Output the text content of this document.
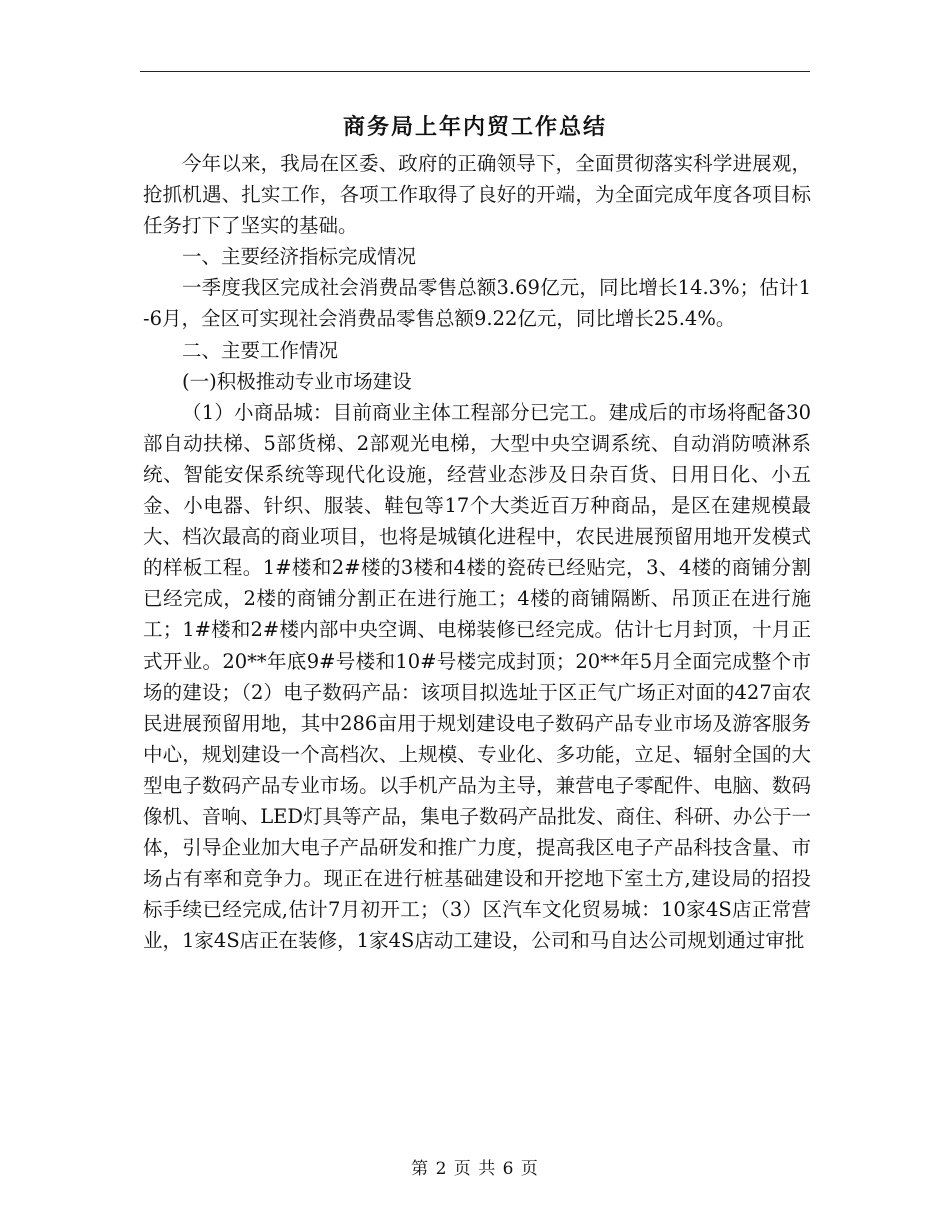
商务局上年内贸工作总结

今年以来，我局在区委、政府的正确领导下，全面贯彻落实科学进展观，抢抓机遇、扎实工作，各项工作取得了良好的开端，为全面完成年度各项目标任务打下了坚实的基础。

一、主要经济指标完成情况

一季度我区完成社会消费品零售总额3.69亿元，同比增长14.3%；估计1-6月，全区可实现社会消费品零售总额9.22亿元，同比增长25.4%。

二、主要工作情况

(一)积极推动专业市场建设

（1）小商品城：目前商业主体工程部分已完工。建成后的市场将配备30部自动扶梯、5部货梯、2部观光电梯，大型中央空调系统、自动消防喷淋系统、智能安保系统等现代化设施，经营业态涉及日杂百货、日用日化、小五金、小电器、针织、服装、鞋包等17个大类近百万种商品，是区在建规模最大、档次最高的商业项目，也将是城镇化进程中，农民进展预留用地开发模式的样板工程。1#楼和2#楼的3楼和4楼的瓷砖已经贴完，3、4楼的商铺分割已经完成，2楼的商铺分割正在进行施工；4楼的商铺隔断、吊顶正在进行施工；1#楼和2#楼内部中央空调、电梯装修已经完成。估计七月封顶，十月正式开业。20**年底9#号楼和10#号楼完成封顶；20**年5月全面完成整个市场的建设；（2）电子数码产品：该项目拟选址于区正气广场正对面的427亩农民进展预留用地，其中286亩用于规划建设电子数码产品专业市场及游客服务中心，规划建设一个高档次、上规模、专业化、多功能，立足、辐射全国的大型电子数码产品专业市场。以手机产品为主导，兼营电子零配件、电脑、数码像机、音响、LED灯具等产品，集电子数码产品批发、商住、科研、办公于一体，引导企业加大电子产品研发和推广力度，提高我区电子产品科技含量、市场占有率和竞争力。现正在进行桩基础建设和开挖地下室土方,建设局的招投标手续已经完成,估计7月初开工；（3）区汽车文化贸易城：10家4S店正常营业，1家4S店正在装修，1家4S店动工建设，公司和马自达公司规划通过审批

第 2 页 共 6 页
